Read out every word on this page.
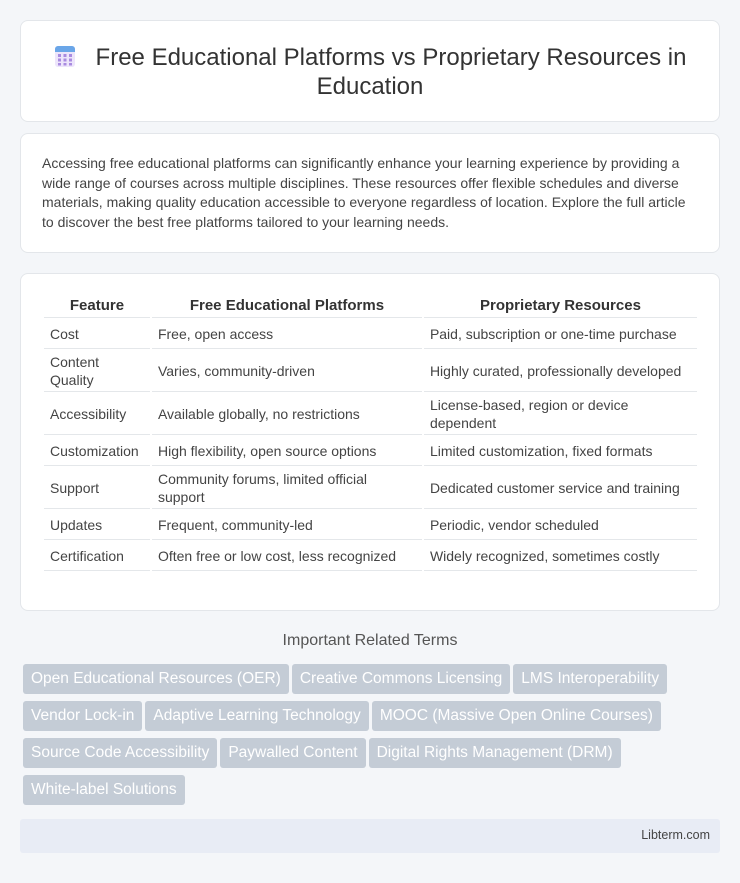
Free Educational Platforms vs Proprietary Resources in Education

Accessing free educational platforms can significantly enhance your learning experience by providing a wide range of courses across multiple disciplines. These resources offer flexible schedules and diverse materials, making quality education accessible to everyone regardless of location. Explore the full article to discover the best free platforms tailored to your learning needs.

Feature	Free Educational Platforms	Proprietary Resources
Cost	Free, open access	Paid, subscription or one-time purchase
Content Quality	Varies, community-driven	Highly curated, professionally developed
Accessibility	Available globally, no restrictions	License-based, region or device dependent
Customization	High flexibility, open source options	Limited customization, fixed formats
Support	Community forums, limited official support	Dedicated customer service and training
Updates	Frequent, community-led	Periodic, vendor scheduled
Certification	Often free or low cost, less recognized	Widely recognized, sometimes costly
Important Related Terms
Open Educational Resources (OER) Creative Commons Licensing LMS Interoperability
Vendor Lock-in Adaptive Learning Technology MOOC (Massive Open Online Courses)
Source Code Accessibility Paywalled Content Digital Rights Management (DRM)
White-label Solutions
Libterm.com
